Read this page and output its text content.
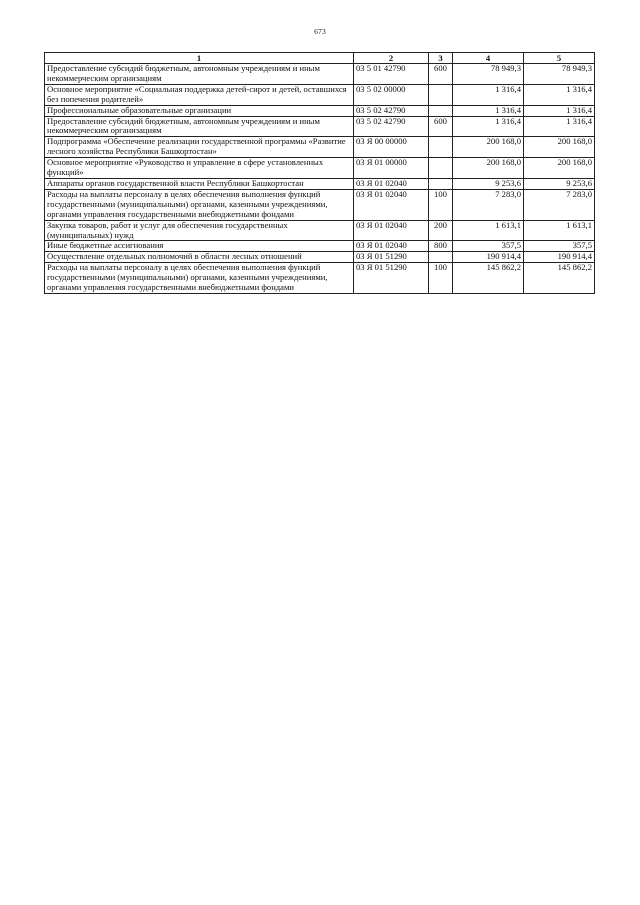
673
1	2	3	4	5
Предоставление субсидий бюджетным, автономным учреждениям и иным некоммерческим организациям	03 5 01 42790	600	78 949,3	78 949,3
Основное мероприятие «Социальная поддержка детей-сирот и детей, оставшихся без попечения родителей»	03 5 02 00000		1 316,4	1 316,4
Профессиональные образовательные организации	03 5 02 42790		1 316,4	1 316,4
Предоставление субсидий бюджетным, автономным учреждениям и иным некоммерческим организациям	03 5 02 42790	600	1 316,4	1 316,4
Подпрограмма «Обеспечение реализации государственной программы «Развитие лесного хозяйства Республики Башкортостан»	03 Я 00 00000		200 168,0	200 168,0
Основное мероприятие «Руководство и управление в сфере установленных функций»	03 Я 01 00000		200 168,0	200 168,0
Аппараты органов государственной власти Республики Башкортостан	03 Я 01 02040		9 253,6	9 253,6
Расходы на выплаты персоналу в целях обеспечения выполнения функций государственными (муниципальными) органами, казенными учреждениями, органами управления государственными внебюджетными фондами	03 Я 01 02040	100	7 283,0	7 283,0
Закупка товаров, работ и услуг для обеспечения государственных (муниципальных) нужд	03 Я 01 02040	200	1 613,1	1 613,1
Иные бюджетные ассигнования	03 Я 01 02040	800	357,5	357,5
Осуществление отдельных полномочий в области лесных отношений	03 Я 01 51290		190 914,4	190 914,4
Расходы на выплаты персоналу в целях обеспечения выполнения функций государственными (муниципальными) органами, казенными учреждениями, органами управления государственными внебюджетными фондами	03 Я 01 51290	100	145 862,2	145 862,2
